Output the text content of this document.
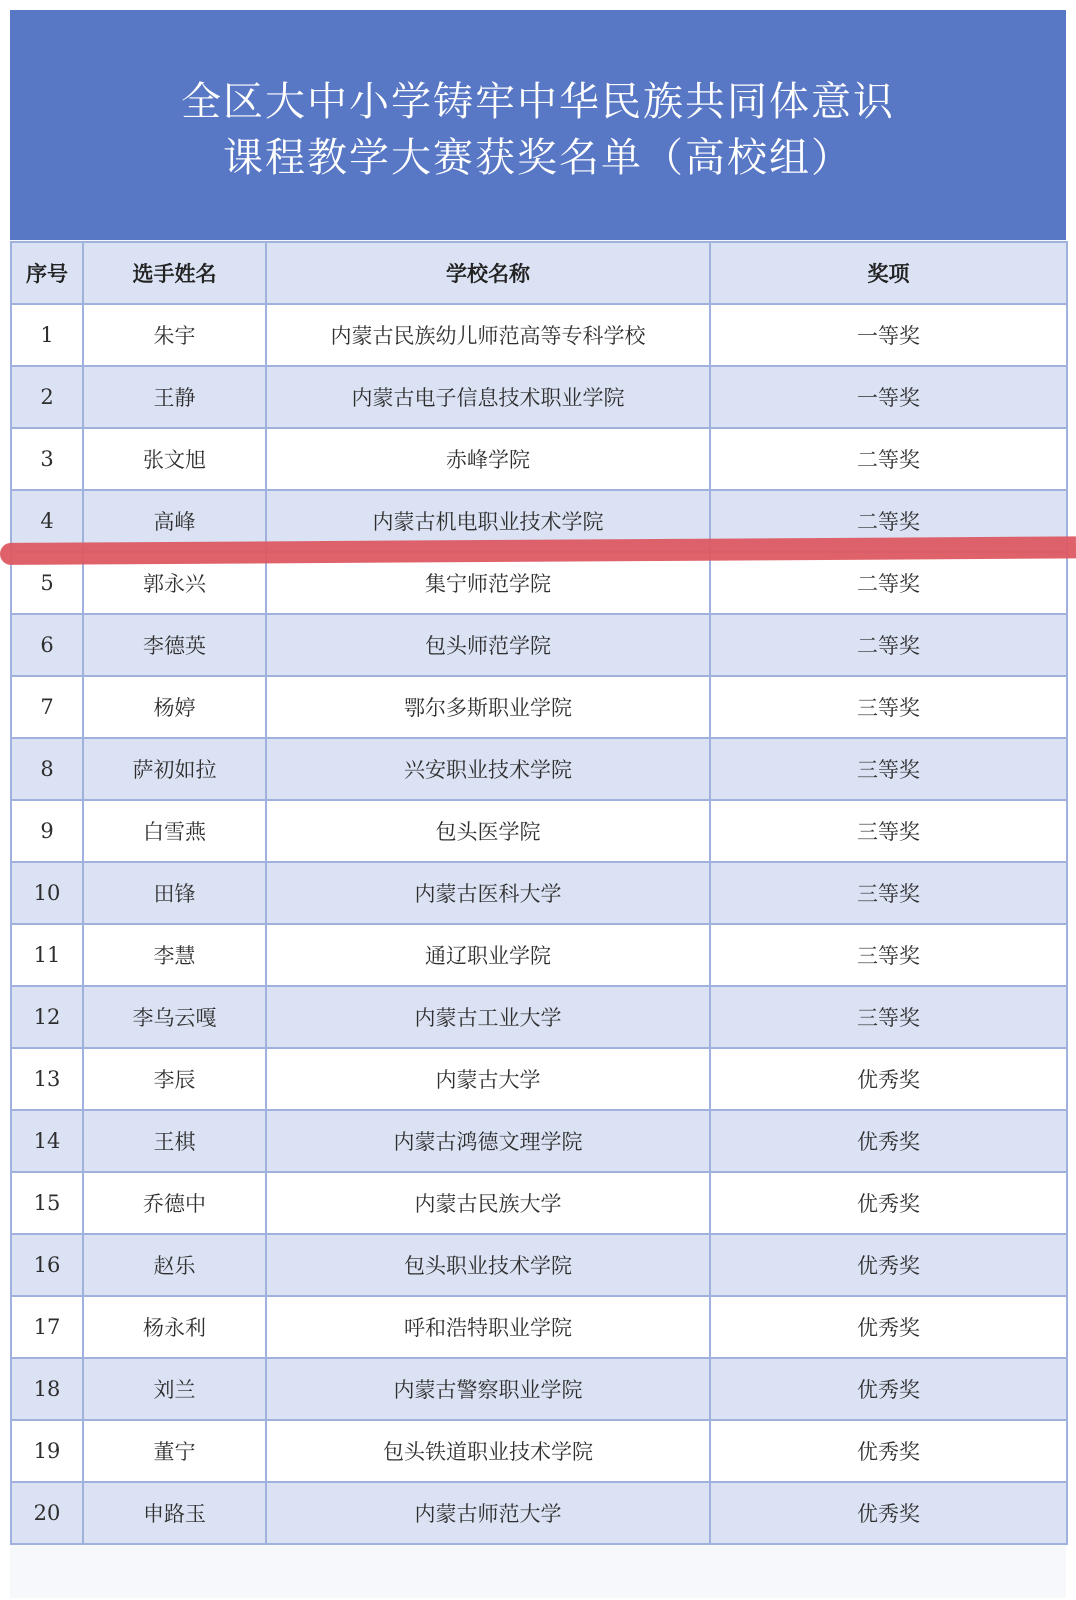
全区大中小学铸牢中华民族共同体意识
课程教学大赛获奖名单（高校组）
序号	选手姓名	学校名称	奖项
1	朱宇	内蒙古民族幼儿师范高等专科学校	一等奖
2	王静	内蒙古电子信息技术职业学院	一等奖
3	张文旭	赤峰学院	二等奖
4	高峰	内蒙古机电职业技术学院	二等奖
5	郭永兴	集宁师范学院	二等奖
6	李德英	包头师范学院	二等奖
7	杨婷	鄂尔多斯职业学院	三等奖
8	萨初如拉	兴安职业技术学院	三等奖
9	白雪燕	包头医学院	三等奖
10	田锋	内蒙古医科大学	三等奖
11	李慧	通辽职业学院	三等奖
12	李乌云嘎	内蒙古工业大学	三等奖
13	李辰	内蒙古大学	优秀奖
14	王棋	内蒙古鸿德文理学院	优秀奖
15	乔德中	内蒙古民族大学	优秀奖
16	赵乐	包头职业技术学院	优秀奖
17	杨永利	呼和浩特职业学院	优秀奖
18	刘兰	内蒙古警察职业学院	优秀奖
19	董宁	包头铁道职业技术学院	优秀奖
20	申路玉	内蒙古师范大学	优秀奖
